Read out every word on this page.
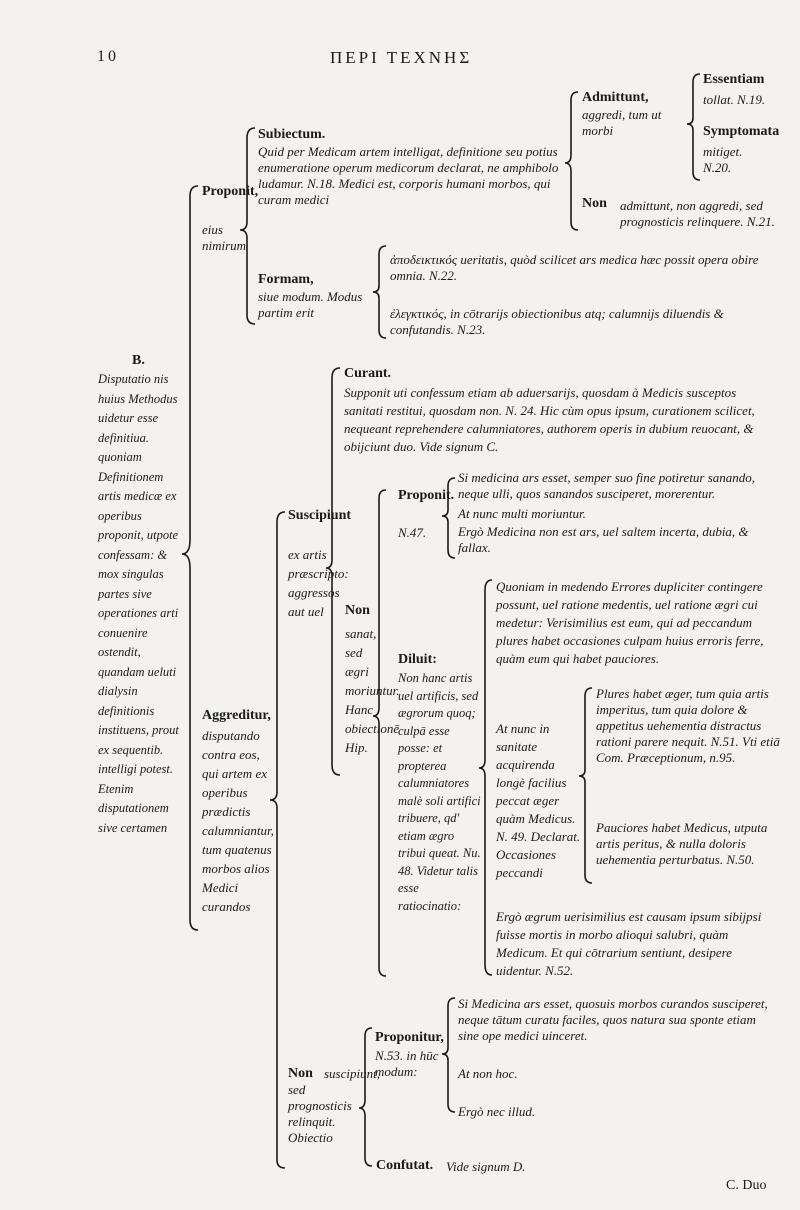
10	ΠΕΡΙ ΤΕΧΝΗΣ
B.
Disputatio nis huius Methodus uidetur esse definitiua. quoniam Definitionem artis medicæ ex operibus proponit, utpote confessam: & mox singulas partes sive operationes arti conuenire ostendit, quandam ueluti dialysin definitionis instituens, prout ex sequentib. intelligi potest. Etenim disputationem sive certamen
Proponit,
eius nimirum
Subiectum.
Quid per Medicam artem intelligat, definitione seu potius enumeratione operum medicorum declarat, ne amphibolo ludamur. N.18. Medici est, corporis humani morbos, qui curam medici
Admittunt,
aggredi, tum ut morbi
Essentiam
tollat. N.19.
Symptomata
mitiget. N.20.
Non	admittunt, non aggredi, sed prognosticis relinquere. N.21.
Formam,
siue modum. Modus partim erit
ἀποδεικτικός ueritatis, quòd scilicet ars medica hæc possit opera obire omnia. N.22.
ἐλεγκτικός, in cōtrarijs obiectionibus atq; calumnijs diluendis & confutandis. N.23.
Aggreditur,
disputando contra eos, qui artem ex operibus prædictis calumniantur, tum quatenus morbos alios Medici curandos
Suscipiunt
ex artis præscripto: aggressos aut uel
Curant.
Supponit uti confessum etiam ab aduersarijs, quosdam à Medicis susceptos sanitati restitui, quosdam non. N. 24. Hic cùm opus ipsum, curationem scilicet, nequeant reprehendere calumniatores, authorem operis in dubium reuocant, & obijciunt duo. Vide signum C.
Non
sanat, sed ægri moriuntur. Hanc obiectionē Hip.
Proponit.
N.47.
Si medicina ars esset, semper suo fine potiretur sanando, neque ulli, quos sanandos susciperet, morerentur.
At nunc multi moriuntur.
Ergò Medicina non est ars, uel saltem incerta, dubia, & fallax.
Diluit:
Non hanc artis uel artificis, sed ægrorum quoq; culpā esse posse: et propterea calumniatores malè soli artifici tribuere, qd' etiam ægro tribui queat. Nu. 48. Videtur talis esse ratiocinatio:
Quoniam in medendo Errores dupliciter contingere possunt, uel ratione medentis, uel ratione ægri cui medetur: Verisimilius est eum, qui ad peccandum plures habet occasiones culpam huius erroris ferre, quàm eum qui habet pauciores.
At nunc in sanitate acquirenda longè facilius peccat æger quàm Medicus. N. 49. Declarat. Occasiones peccandi
Plures habet æger, tum quia artis imperitus, tum quia dolore & appetitus uehementia distractus rationi parere nequit. N.51. Vti etiā Com. Præceptionum, n.95.
Pauciores habet Medicus, utputa artis peritus, & nulla doloris uehementia perturbatus. N.50.
Ergò ægrum uerisimilius est causam ipsum sibijpsi fuisse mortis in morbo alioqui salubri, quàm Medicum. Et qui cōtrarium sentiunt, desipere uidentur. N.52.
Non suscipiunt, sed prognosticis relinquit. Obiectio
Proponitur,
N.53. in hūc modum:
Si Medicina ars esset, quosuis morbos curandos susciperet, neque tātum curatu faciles, quos natura sua sponte etiam sine ope medici uinceret.
At non hoc.
Ergò nec illud.
Confutat. Vide signum D.
C. Duo
